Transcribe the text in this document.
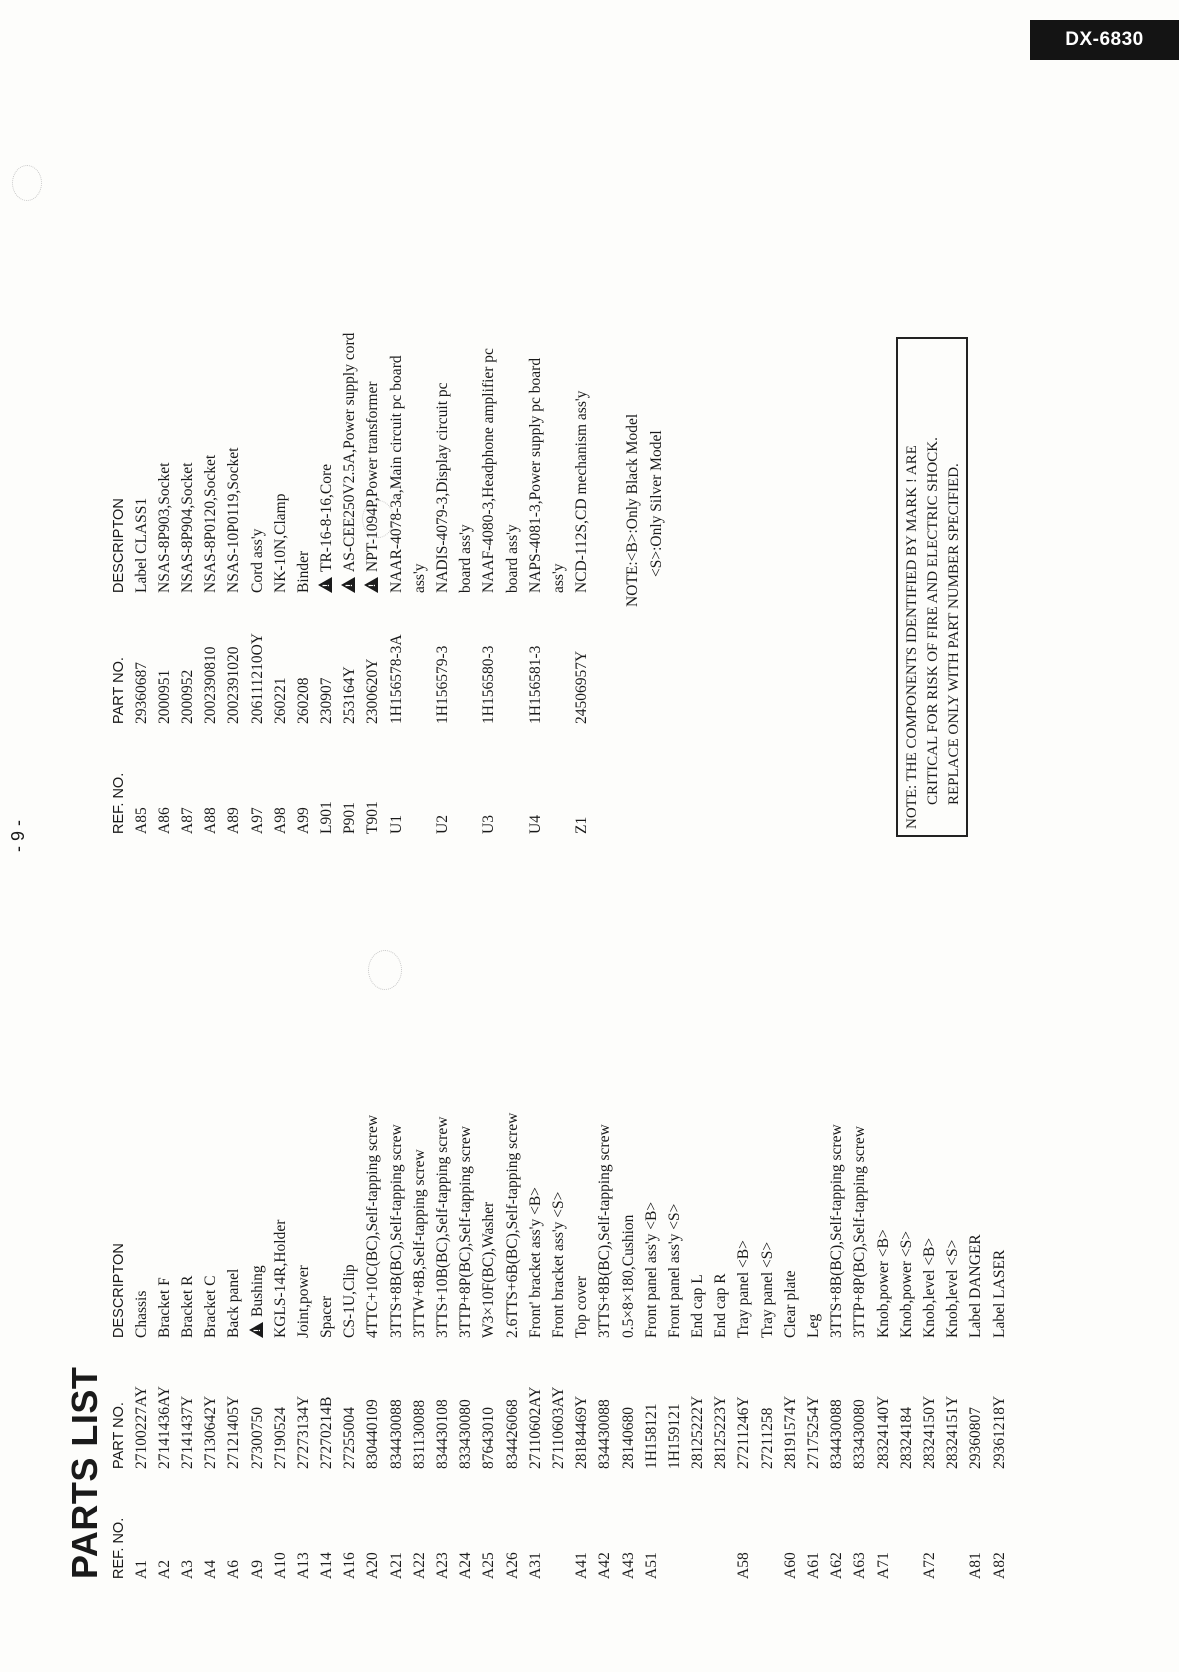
DX-6830
- 9 -
PARTS LIST REF. NO.
PART NO.
DESCRIPTON
A1
27100227AY
Chassis
A2
27141436AY
Bracket F
A3
27141437Y
Bracket R
A4
27130642Y
Bracket C
A6
27121405Y
Back panel
A9
27300750
!Bushing
A10
27190524
KGLS-14R,Holder
A13
27273134Y
Joint,power
A14
27270214B
Spacer
A16
27255004
CS-1U,Clip
A20
830440109
4TTC+10C(BC),Self-tapping screw
A21
834430088
3TTS+8B(BC),Self-tapping screw
A22
831130088
3TTW+8B,Self-tapping screw
A23
834430108
3TTS+10B(BC),Self-tapping screw
A24
833430080
3TTP+8P(BC),Self-tapping screw
A25
87643010
W3×10F(BC),Washer
A26
834426068
2.6TTS+6B(BC),Self-tapping screw
A31
27110602AY
Front' bracket ass'y <B>
27110603AY
Front bracket ass'y <S>
A41
28184469Y
Top cover
A42
834430088
3TTS+8B(BC),Self-tapping screw
A43
28140680
0.5×8×180,Cushion
A51
1H158121
Front panel ass'y <B>
1H159121
Front panel ass'y <S>
28125222Y
End cap L
28125223Y
End cap R
A58
27211246Y
Tray panel <B>
27211258
Tray panel <S>
A60
28191574Y
Clear plate
A61
27175254Y
Leg
A62
834430088
3TTS+8B(BC),Self-tapping screw
A63
833430080
3TTP+8P(BC),Self-tapping screw
A71
28324140Y
Knob,power <B>
28324184
Knob,power <S>
A72
28324150Y
Knob,level <B>
28324151Y
Knob,level <S>
A81
29360807
Label DANGER
A82
29361218Y
Label LASER
REF. NO.
PART NO.
DESCRIPTON
A85
29360687
Label CLASS1
A86
2000951
NSAS-8P903,Socket
A87
2000952
NSAS-8P904,Socket
A88
2002390810
NSAS-8P0120,Socket
A89
2002391020
NSAS-10P0119,Socket
A97
206111210OY
Cord ass'y
A98
260221
NK-10N,Clamp
A99
260208
Binder
L901
230907
!TR-16-8-16,Core
P901
253164Y
!AS-CEE250V2.5A,Power supply cord
T901
2300620Y
!NPT-1094P,Power transformer
U1
1H156578-3A
NAAR-4078-3a,Main circuit pc board ass'y
U2
1H156579-3
NADIS-4079-3,Display circuit pc board ass'y
U3
1H156580-3
NAAF-4080-3,Headphone amplifier pc board ass'y
U4
1H156581-3
NAPS-4081-3,Power supply pc board ass'y
Z1
24506957Y
NCD-112S,CD mechanism ass'y NOTE:<B>:Only Black Model <S>:Only Silver Model	NOTE: THE COMPONENTS IDENTIFIED BY MARK ! ARE CRITICAL FOR RISK OF FIRE AND ELECTRIC SHOCK. REPLACE ONLY WITH PART NUMBER SPECIFIED.
